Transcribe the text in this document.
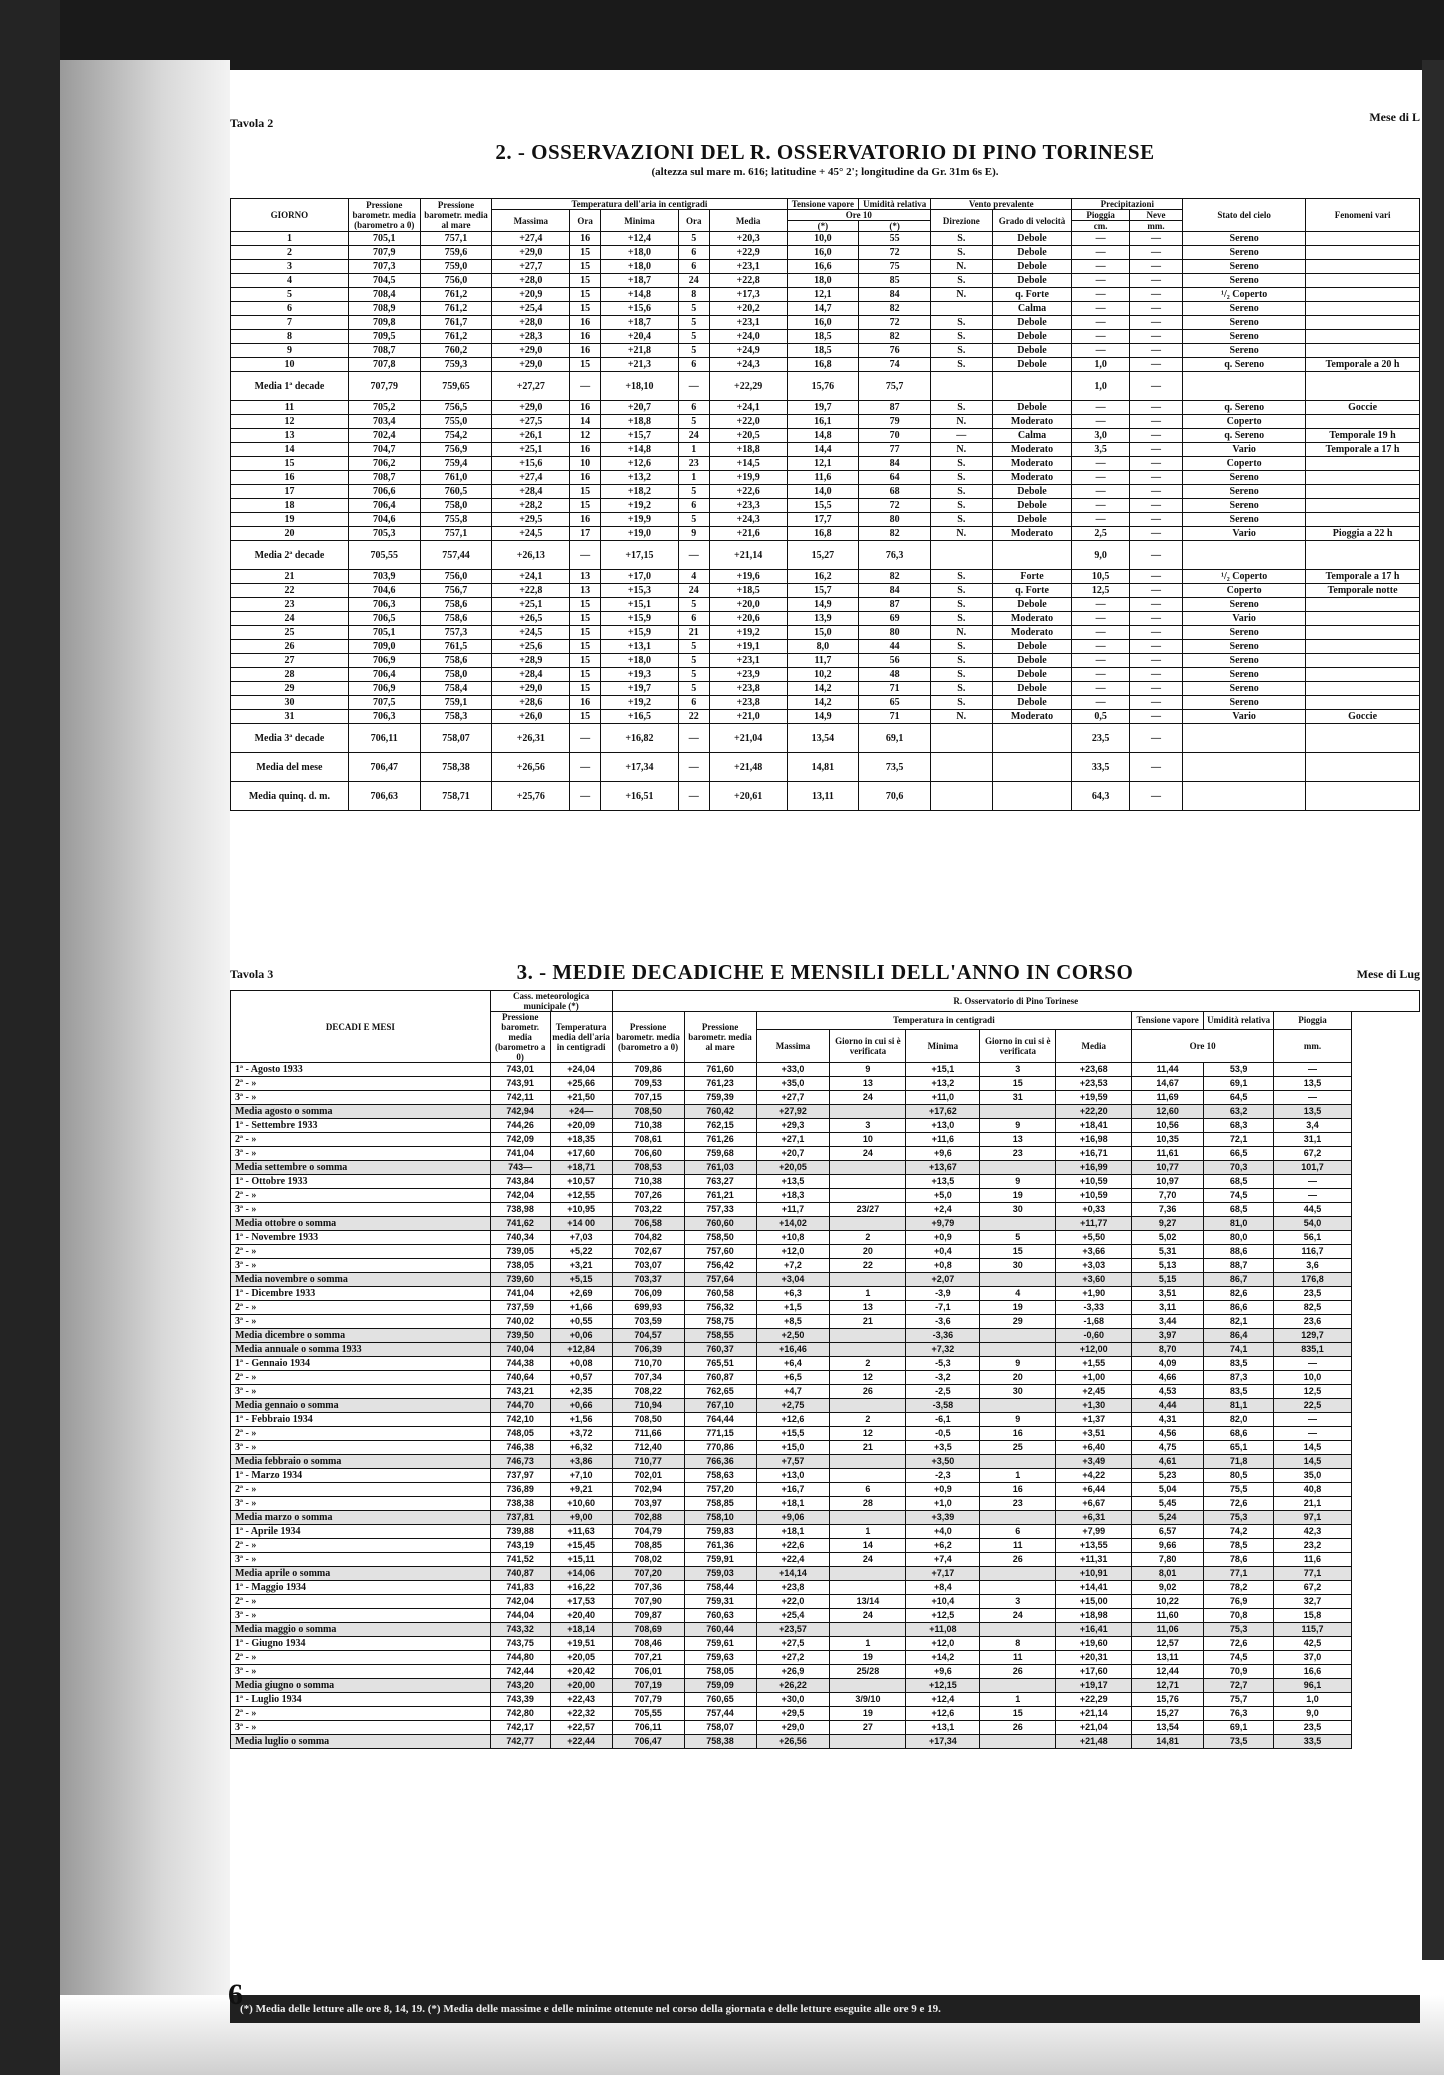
Tavola 2	Mese di L
2. - OSSERVAZIONI DEL R. OSSERVATORIO DI PINO TORINESE
(altezza sul mare m. 616; latitudine + 45° 2'; longitudine da Gr. 31m 6s E).
GIORNO	Pressione barometr. media (barometro a 0)	Pressione barometr. media al mare	Temperatura dell'aria in centigradi					Tensione vapore	Umidità relativa	Vento prevalente		Precipitazioni		Stato del cielo	Fenomeni vari
			Massima	Ora	Minima	Ora	Media	Ore 10		Direzione	Grado di velocità	Pioggia	Neve		
								(*)	(*)			cm.	mm.		
1	705,1	757,1	+27,4	16	+12,4	5	+20,3	10,0	55	S.	Debole	—	—	Sereno	
2	707,9	759,6	+29,0	15	+18,0	6	+22,9	16,0	72	S.	Debole	—	—	Sereno	
3	707,3	759,0	+27,7	15	+18,0	6	+23,1	16,6	75	N.	Debole	—	—	Sereno	
4	704,5	756,0	+28,0	15	+18,7	24	+22,8	18,0	85	S.	Debole	—	—	Sereno	
5	708,4	761,2	+20,9	15	+14,8	8	+17,3	12,1	84	N.	q. Forte	—	—	¹/₂ Coperto	
6	708,9	761,2	+25,4	15	+15,6	5	+20,2	14,7	82		Calma	—	—	Sereno	
7	709,8	761,7	+28,0	16	+18,7	5	+23,1	16,0	72	S.	Debole	—	—	Sereno	
8	709,5	761,2	+28,3	16	+20,4	5	+24,0	18,5	82	S.	Debole	—	—	Sereno	
9	708,7	760,2	+29,0	16	+21,8	5	+24,9	18,5	76	S.	Debole	—	—	Sereno	
10	707,8	759,3	+29,0	15	+21,3	6	+24,3	16,8	74	S.	Debole	1,0	—	q. Sereno	Temporale a 20 h
Media 1ª decade	707,79	759,65	+27,27	—	+18,10	—	+22,29	15,76	75,7			1,0	—		
11	705,2	756,5	+29,0	16	+20,7	6	+24,1	19,7	87	S.	Debole	—	—	q. Sereno	Goccie
12	703,4	755,0	+27,5	14	+18,8	5	+22,0	16,1	79	N.	Moderato	—	—	Coperto	
13	702,4	754,2	+26,1	12	+15,7	24	+20,5	14,8	70	—	Calma	3,0	—	q. Sereno	Temporale 19 h
14	704,7	756,9	+25,1	16	+14,8	1	+18,8	14,4	77	N.	Moderato	3,5	—	Vario	Temporale a 17 h
15	706,2	759,4	+15,6	10	+12,6	23	+14,5	12,1	84	S.	Moderato	—	—	Coperto	
16	708,7	761,0	+27,4	16	+13,2	1	+19,9	11,6	64	S.	Moderato	—	—	Sereno	
17	706,6	760,5	+28,4	15	+18,2	5	+22,6	14,0	68	S.	Debole	—	—	Sereno	
18	706,4	758,0	+28,2	15	+19,2	6	+23,3	15,5	72	S.	Debole	—	—	Sereno	
19	704,6	755,8	+29,5	16	+19,9	5	+24,3	17,7	80	S.	Debole	—	—	Sereno	
20	705,3	757,1	+24,5	17	+19,0	9	+21,6	16,8	82	N.	Moderato	2,5	—	Vario	Pioggia a 22 h
Media 2ª decade	705,55	757,44	+26,13	—	+17,15	—	+21,14	15,27	76,3			9,0	—		
21	703,9	756,0	+24,1	13	+17,0	4	+19,6	16,2	82	S.	Forte	10,5	—	¹/₂ Coperto	Temporale a 17 h
22	704,6	756,7	+22,8	13	+15,3	24	+18,5	15,7	84	S.	q. Forte	12,5	—	Coperto	Temporale notte
23	706,3	758,6	+25,1	15	+15,1	5	+20,0	14,9	87	S.	Debole	—	—	Sereno	
24	706,5	758,6	+26,5	15	+15,9	6	+20,6	13,9	69	S.	Moderato	—	—	Vario	
25	705,1	757,3	+24,5	15	+15,9	21	+19,2	15,0	80	N.	Moderato	—	—	Sereno	
26	709,0	761,5	+25,6	15	+13,1	5	+19,1	8,0	44	S.	Debole	—	—	Sereno	
27	706,9	758,6	+28,9	15	+18,0	5	+23,1	11,7	56	S.	Debole	—	—	Sereno	
28	706,4	758,0	+28,4	15	+19,3	5	+23,9	10,2	48	S.	Debole	—	—	Sereno	
29	706,9	758,4	+29,0	15	+19,7	5	+23,8	14,2	71	S.	Debole	—	—	Sereno	
30	707,5	759,1	+28,6	16	+19,2	6	+23,8	14,2	65	S.	Debole	—	—	Sereno	
31	706,3	758,3	+26,0	15	+16,5	22	+21,0	14,9	71	N.	Moderato	0,5	—	Vario	Goccie
Media 3ª decade	706,11	758,07	+26,31	—	+16,82	—	+21,04	13,54	69,1			23,5	—		
Media del mese	706,47	758,38	+26,56	—	+17,34	—	+21,48	14,81	73,5			33,5	—		
Media quinq. d. m.	706,63	758,71	+25,76	—	+16,51	—	+20,61	13,11	70,6			64,3	—		
Tavola 3	Mese di Lug
3. - MEDIE DECADICHE E MENSILI DELL'ANNO IN CORSO
DECADI E MESI	Cass. meteorologica municipale (*)		R. Osservatorio di Pino Torinese									
	Pressione barometr. media (barometro a 0)	Temperatura media dell'aria in centigradi	Pressione barometr. media (barometro a 0)	Pressione barometr. media al mare	Temperatura in centigradi					Tensione vapore	Umidità relativa	Pioggia
					Massima	Giorno in cui si è verificata	Minima	Giorno in cui si è verificata	Media	Ore 10		mm.
1ª - Agosto 1933	743,01	+24,04	709,86	761,60	+33,0	9	+15,1	3	+23,68	11,44	53,9	—
2ª - »	743,91	+25,66	709,53	761,23	+35,0	13	+13,2	15	+23,53	14,67	69,1	13,5
3ª - »	742,11	+21,50	707,15	759,39	+27,7	24	+11,0	31	+19,59	11,69	64,5	—
Media agosto o somma	742,94	+24—	708,50	760,42	+27,92		+17,62		+22,20	12,60	63,2	13,5
1ª - Settembre 1933	744,26	+20,09	710,38	762,15	+29,3	3	+13,0	9	+18,41	10,56	68,3	3,4
2ª - »	742,09	+18,35	708,61	761,26	+27,1	10	+11,6	13	+16,98	10,35	72,1	31,1
3ª - »	741,04	+17,60	706,60	759,68	+20,7	24	+9,6	23	+16,71	11,61	66,5	67,2
Media settembre o somma	743—	+18,71	708,53	761,03	+20,05		+13,67		+16,99	10,77	70,3	101,7
1ª - Ottobre 1933	743,84	+10,57	710,38	763,27	+13,5		+13,5	9	+10,59	10,97	68,5	—
2ª - »	742,04	+12,55	707,26	761,21	+18,3		+5,0	19	+10,59	7,70	74,5	—
3ª - »	738,98	+10,95	703,22	757,33	+11,7	23/27	+2,4	30	+0,33	7,36	68,5	44,5
Media ottobre o somma	741,62	+14 00	706,58	760,60	+14,02		+9,79		+11,77	9,27	81,0	54,0
1ª - Novembre 1933	740,34	+7,03	704,82	758,50	+10,8	2	+0,9	5	+5,50	5,02	80,0	56,1
2ª - »	739,05	+5,22	702,67	757,60	+12,0	20	+0,4	15	+3,66	5,31	88,6	116,7
3ª - »	738,05	+3,21	703,07	756,42	+7,2	22	+0,8	30	+3,03	5,13	88,7	3,6
Media novembre o somma	739,60	+5,15	703,37	757,64	+3,04		+2,07		+3,60	5,15	86,7	176,8
1ª - Dicembre 1933	741,04	+2,69	706,09	760,58	+6,3	1	-3,9	4	+1,90	3,51	82,6	23,5
2ª - »	737,59	+1,66	699,93	756,32	+1,5	13	-7,1	19	-3,33	3,11	86,6	82,5
3ª - »	740,02	+0,55	703,59	758,75	+8,5	21	-3,6	29	-1,68	3,44	82,1	23,6
Media dicembre o somma	739,50	+0,06	704,57	758,55	+2,50		-3,36		-0,60	3,97	86,4	129,7
Media annuale o somma 1933	740,04	+12,84	706,39	760,37	+16,46		+7,32		+12,00	8,70	74,1	835,1
1ª - Gennaio 1934	744,38	+0,08	710,70	765,51	+6,4	2	-5,3	9	+1,55	4,09	83,5	—
2ª - »	740,64	+0,57	707,34	760,87	+6,5	12	-3,2	20	+1,00	4,66	87,3	10,0
3ª - »	743,21	+2,35	708,22	762,65	+4,7	26	-2,5	30	+2,45	4,53	83,5	12,5
Media gennaio o somma	744,70	+0,66	710,94	767,10	+2,75		-3,58		+1,30	4,44	81,1	22,5
1ª - Febbraio 1934	742,10	+1,56	708,50	764,44	+12,6	2	-6,1	9	+1,37	4,31	82,0	—
2ª - »	748,05	+3,72	711,66	771,15	+15,5	12	-0,5	16	+3,51	4,56	68,6	—
3ª - »	746,38	+6,32	712,40	770,86	+15,0	21	+3,5	25	+6,40	4,75	65,1	14,5
Media febbraio o somma	746,73	+3,86	710,77	766,36	+7,57		+3,50		+3,49	4,61	71,8	14,5
1ª - Marzo 1934	737,97	+7,10	702,01	758,63	+13,0		-2,3	1	+4,22	5,23	80,5	35,0
2ª - »	736,89	+9,21	702,94	757,20	+16,7	6	+0,9	16	+6,44	5,04	75,5	40,8
3ª - »	738,38	+10,60	703,97	758,85	+18,1	28	+1,0	23	+6,67	5,45	72,6	21,1
Media marzo o somma	737,81	+9,00	702,88	758,10	+9,06		+3,39		+6,31	5,24	75,3	97,1
1ª - Aprile 1934	739,88	+11,63	704,79	759,83	+18,1	1	+4,0	6	+7,99	6,57	74,2	42,3
2ª - »	743,19	+15,45	708,85	761,36	+22,6	14	+6,2	11	+13,55	9,66	78,5	23,2
3ª - »	741,52	+15,11	708,02	759,91	+22,4	24	+7,4	26	+11,31	7,80	78,6	11,6
Media aprile o somma	740,87	+14,06	707,20	759,03	+14,14		+7,17		+10,91	8,01	77,1	77,1
1ª - Maggio 1934	741,83	+16,22	707,36	758,44	+23,8		+8,4		+14,41	9,02	78,2	67,2
2ª - »	742,04	+17,53	707,90	759,31	+22,0	13/14	+10,4	3	+15,00	10,22	76,9	32,7
3ª - »	744,04	+20,40	709,87	760,63	+25,4	24	+12,5	24	+18,98	11,60	70,8	15,8
Media maggio o somma	743,32	+18,14	708,69	760,44	+23,57		+11,08		+16,41	11,06	75,3	115,7
1ª - Giugno 1934	743,75	+19,51	708,46	759,61	+27,5	1	+12,0	8	+19,60	12,57	72,6	42,5
2ª - »	744,80	+20,05	707,21	759,63	+27,2	19	+14,2	11	+20,31	13,11	74,5	37,0
3ª - »	742,44	+20,42	706,01	758,05	+26,9	25/28	+9,6	26	+17,60	12,44	70,9	16,6
Media giugno o somma	743,20	+20,00	707,19	759,09	+26,22		+12,15		+19,17	12,71	72,7	96,1
1ª - Luglio 1934	743,39	+22,43	707,79	760,65	+30,0	3/9/10	+12,4	1	+22,29	15,76	75,7	1,0
2ª - »	742,80	+22,32	705,55	757,44	+29,5	19	+12,6	15	+21,14	15,27	76,3	9,0
3ª - »	742,17	+22,57	706,11	758,07	+29,0	27	+13,1	26	+21,04	13,54	69,1	23,5
Media luglio o somma	742,77	+22,44	706,47	758,38	+26,56		+17,34		+21,48	14,81	73,5	33,5
(*) Media delle letture alle ore 8, 14, 19. (*) Media delle massime e delle minime ottenute nel corso della giornata e delle letture eseguite alle ore 9 e 19.
6
